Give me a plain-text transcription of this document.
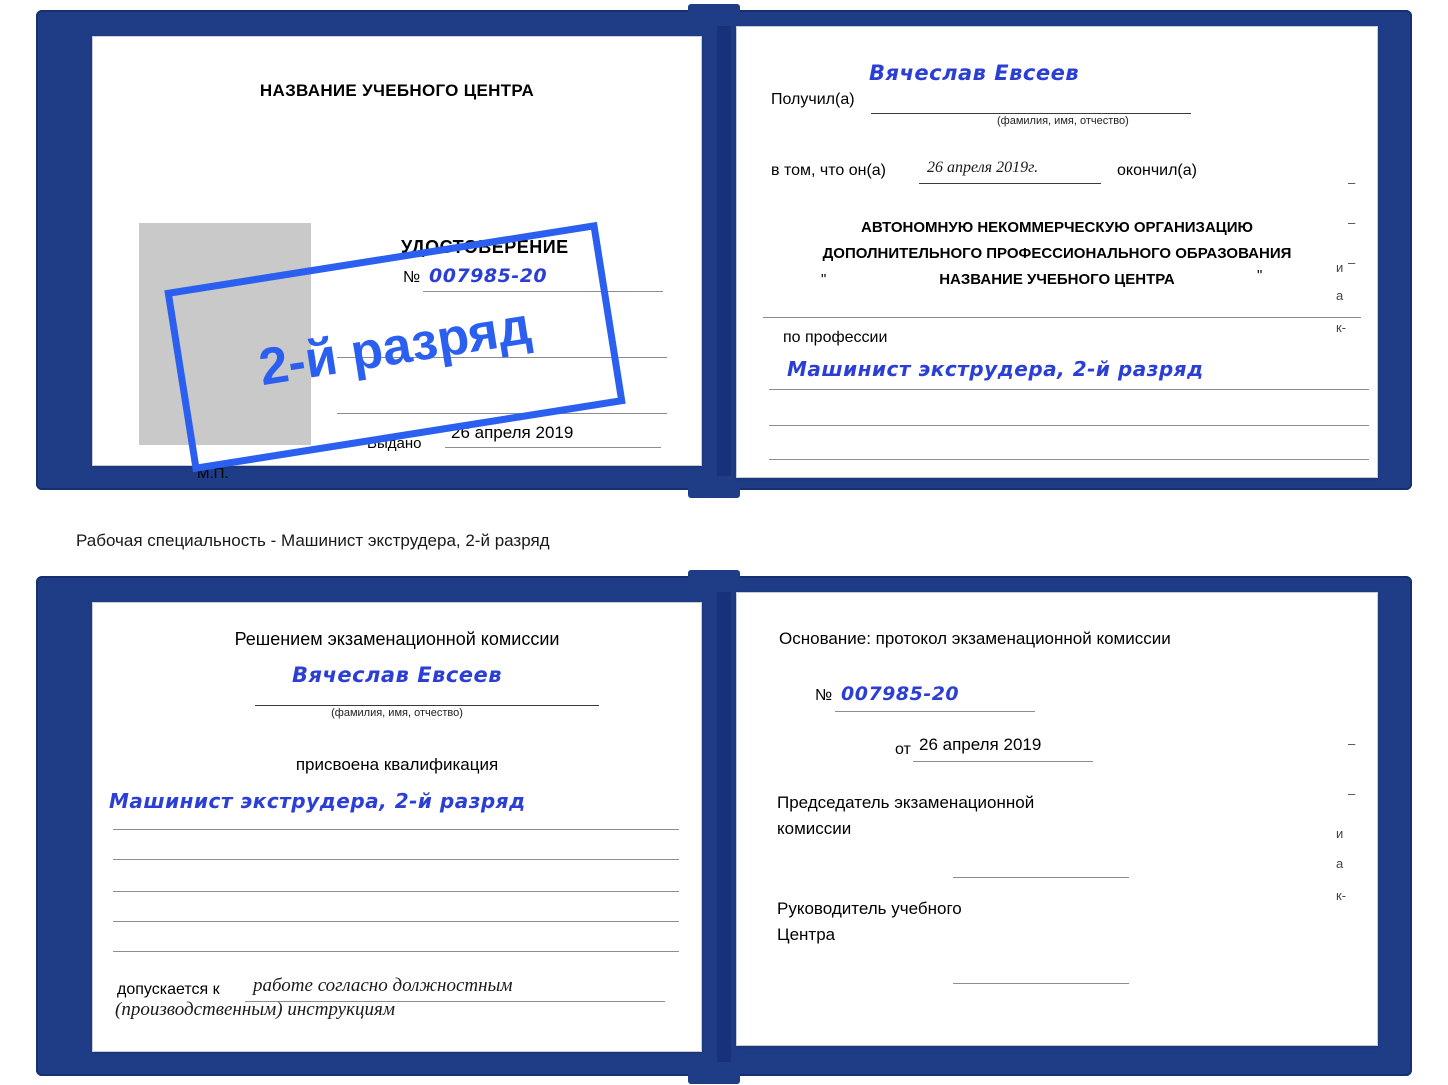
НАЗВАНИЕ УЧЕБНОГО ЦЕНТРА
УДОСТОВЕРЕНИЕ
№ 007985-20
Выдано
26 апреля 2019
М.П.
Получил(а)
Вячеслав Евсеев
(фамилия, имя, отчество)
в том, что он(а)	26 апреля 2019г.	окончил(а)
АВТОНОМНУЮ НЕКОММЕРЧЕСКУЮ ОРГАНИЗАЦИЮ
ДОПОЛНИТЕЛЬНОГО ПРОФЕССИОНАЛЬНОГО ОБРАЗОВАНИЯ
"	НАЗВАНИЕ УЧЕБНОГО ЦЕНТРА	"
по профессии
Машинист экструдера, 2-й разряд
–
–
–
и
а
к-
2-й разряд
Рабочая специальность - Машинист экструдера, 2-й разряд
Решением экзаменационной комиссии
Вячеслав Евсеев
(фамилия, имя, отчество)
присвоена квалификация
Машинист экструдера, 2-й разряд
допускается к работе согласно должностным
(производственным) инструкциям
Основание: протокол экзаменационной комиссии
№ 007985-20
от 26 апреля 2019
Председатель экзаменационной
комиссии
Руководитель учебного
Центра
–
–
и
а
к-
